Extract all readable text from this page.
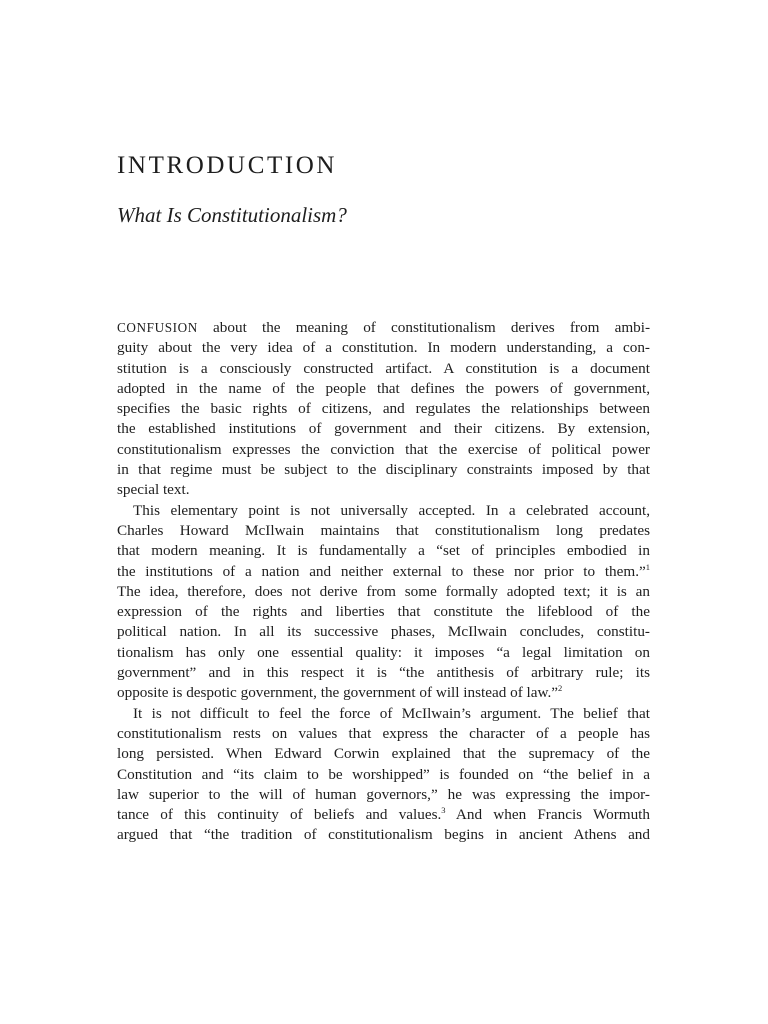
INTRODUCTION
What Is Constitutionalism?
CONFUSION about the meaning of constitutionalism derives from ambi-
guity about the very idea of a constitution. In modern understanding, a con-
stitution is a consciously constructed artifact. A constitution is a document
adopted in the name of the people that defines the powers of government,
specifies the basic rights of citizens, and regulates the relationships between
the established institutions of government and their citizens. By extension,
constitutionalism expresses the conviction that the exercise of political power
in that regime must be subject to the disciplinary constraints imposed by that
special text.
This elementary point is not universally accepted. In a celebrated account,
Charles Howard McIlwain maintains that constitutionalism long predates
that modern meaning. It is fundamentally a “set of principles embodied in
the institutions of a nation and neither external to these nor prior to them.”$^1$
The idea, therefore, does not derive from some formally adopted text; it is an
expression of the rights and liberties that constitute the lifeblood of the
political nation. In all its successive phases, McIlwain concludes, constitu-
tionalism has only one essential quality: it imposes “a legal limitation on
government” and in this respect it is “the antithesis of arbitrary rule; its
opposite is despotic government, the government of will instead of law.”$^2$
It is not difficult to feel the force of McIlwain’s argument. The belief that
constitutionalism rests on values that express the character of a people has
long persisted. When Edward Corwin explained that the supremacy of the
Constitution and “its claim to be worshipped” is founded on “the belief in a
law superior to the will of human governors,” he was expressing the impor-
tance of this continuity of beliefs and values.$^3$ And when Francis Wormuth
argued that “the tradition of constitutionalism begins in ancient Athens and
